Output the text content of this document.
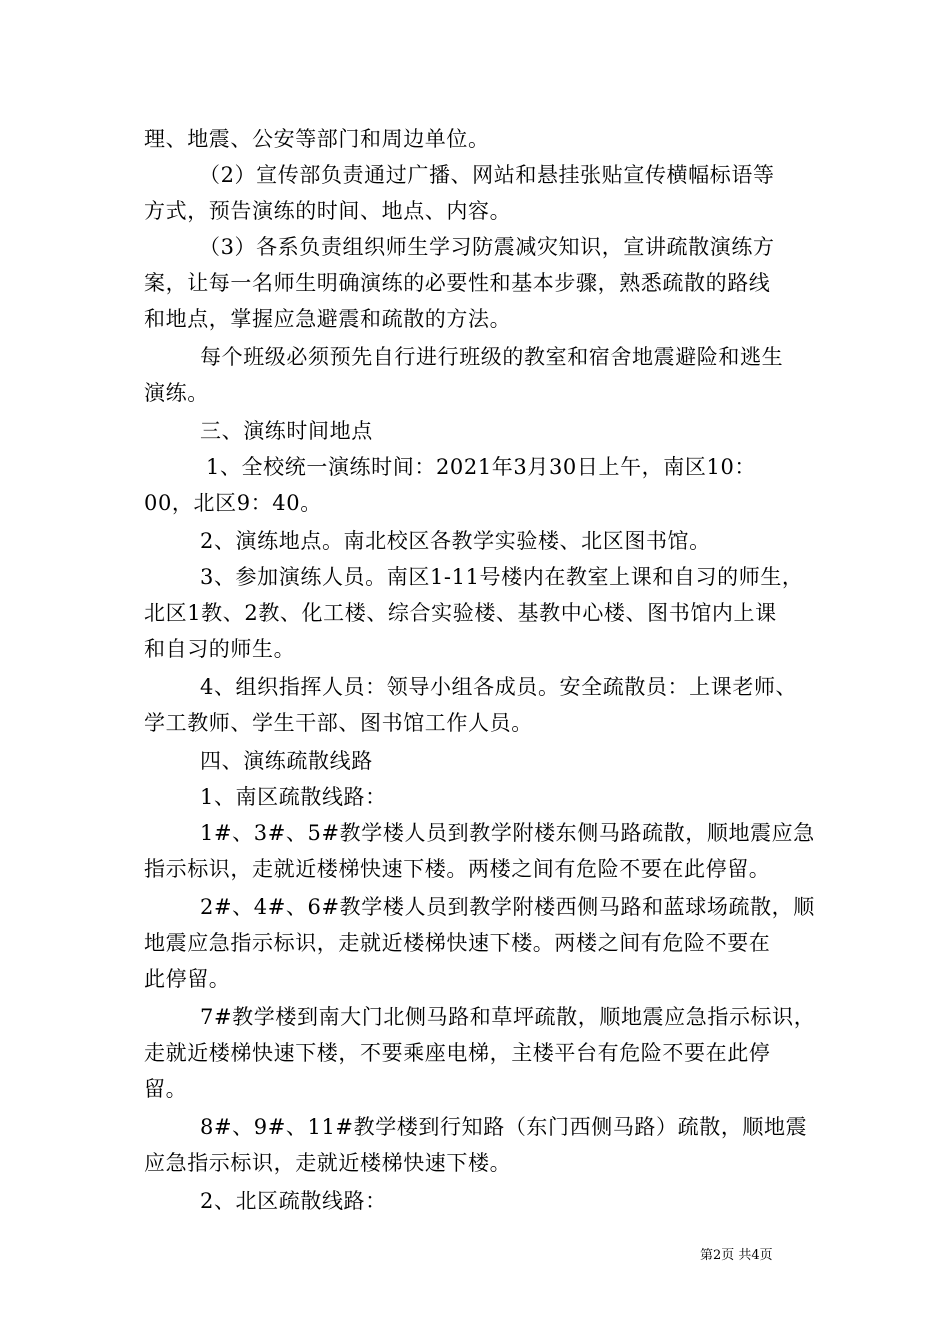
理、地震、公安等部门和周边单位。
（2）宣传部负责通过广播、网站和悬挂张贴宣传横幅标语等
方式，预告演练的时间、地点、内容。
（3）各系负责组织师生学习防震减灾知识，宣讲疏散演练方
案，让每一名师生明确演练的必要性和基本步骤，熟悉疏散的路线
和地点，掌握应急避震和疏散的方法。
每个班级必须预先自行进行班级的教室和宿舍地震避险和逃生
演练。
三、演练时间地点
1、全校统一演练时间：2021年3月30日上午，南区10：
00，北区9：40。
2、演练地点。南北校区各教学实验楼、北区图书馆。
3、参加演练人员。南区1-11号楼内在教室上课和自习的师生，
北区1教、2教、化工楼、综合实验楼、基教中心楼、图书馆内上课
和自习的师生。
4、组织指挥人员：领导小组各成员。安全疏散员：上课老师、
学工教师、学生干部、图书馆工作人员。
四、演练疏散线路
1、南区疏散线路：
1#、3#、5#教学楼人员到教学附楼东侧马路疏散，顺地震应急
指示标识，走就近楼梯快速下楼。两楼之间有危险不要在此停留。
2#、4#、6#教学楼人员到教学附楼西侧马路和蓝球场疏散，顺
地震应急指示标识，走就近楼梯快速下楼。两楼之间有危险不要在
此停留。
7#教学楼到南大门北侧马路和草坪疏散，顺地震应急指示标识，
走就近楼梯快速下楼，不要乘座电梯，主楼平台有危险不要在此停
留。
8#、9#、11#教学楼到行知路（东门西侧马路）疏散，顺地震
应急指示标识，走就近楼梯快速下楼。
2、北区疏散线路：
第2页 共4页
